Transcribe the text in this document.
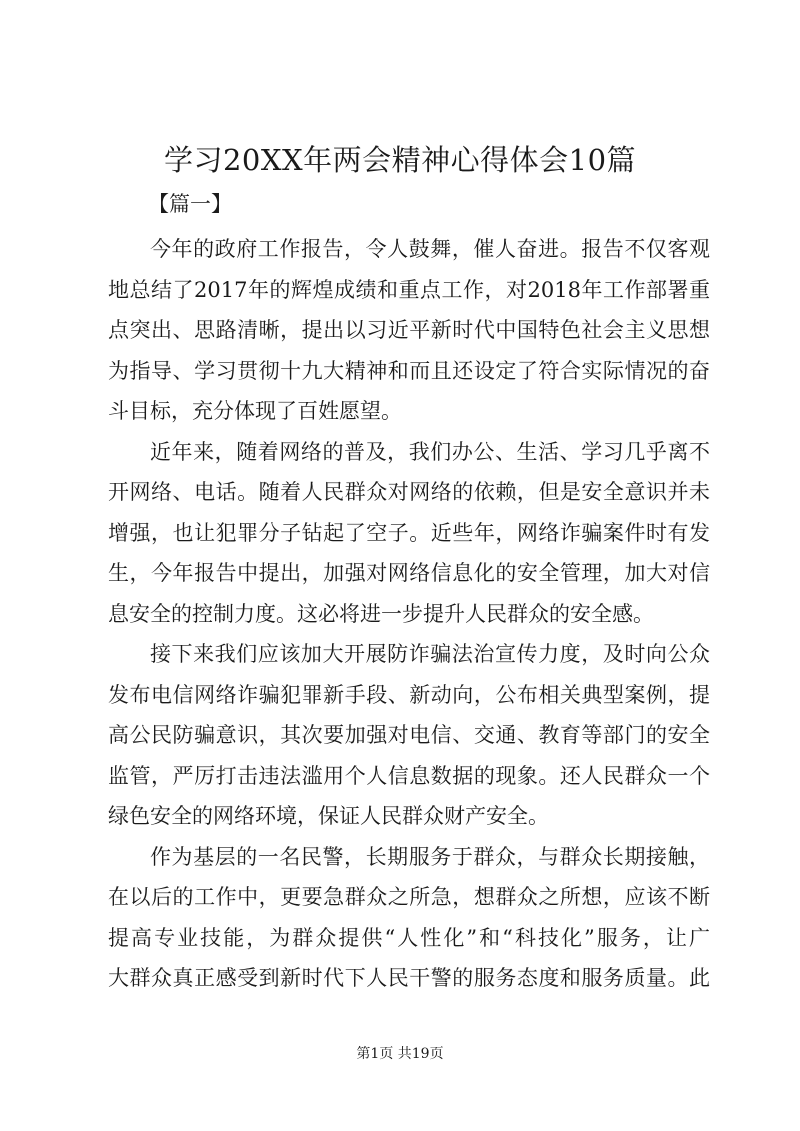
学习20XX年两会精神心得体会10篇

【篇一】

今年的政府工作报告，令人鼓舞，催人奋进。报告不仅客观
地总结了2017年的辉煌成绩和重点工作，对2018年工作部署重
点突出、思路清晰，提出以习近平新时代中国特色社会主义思想
为指导、学习贯彻十九大精神和而且还设定了符合实际情况的奋
斗目标，充分体现了百姓愿望。
近年来，随着网络的普及，我们办公、生活、学习几乎离不
开网络、电话。随着人民群众对网络的依赖，但是安全意识并未
增强，也让犯罪分子钻起了空子。近些年，网络诈骗案件时有发
生，今年报告中提出，加强对网络信息化的安全管理，加大对信
息安全的控制力度。这必将进一步提升人民群众的安全感。
接下来我们应该加大开展防诈骗法治宣传力度，及时向公众
发布电信网络诈骗犯罪新手段、新动向，公布相关典型案例，提
高公民防骗意识，其次要加强对电信、交通、教育等部门的安全
监管，严厉打击违法滥用个人信息数据的现象。还人民群众一个
绿色安全的网络环境，保证人民群众财产安全。
作为基层的一名民警，长期服务于群众，与群众长期接触，
在以后的工作中，更要急群众之所急，想群众之所想，应该不断
提高专业技能，为群众提供“人性化”和“科技化”服务，让广
大群众真正感受到新时代下人民干警的服务态度和服务质量。此
第1页 共19页
